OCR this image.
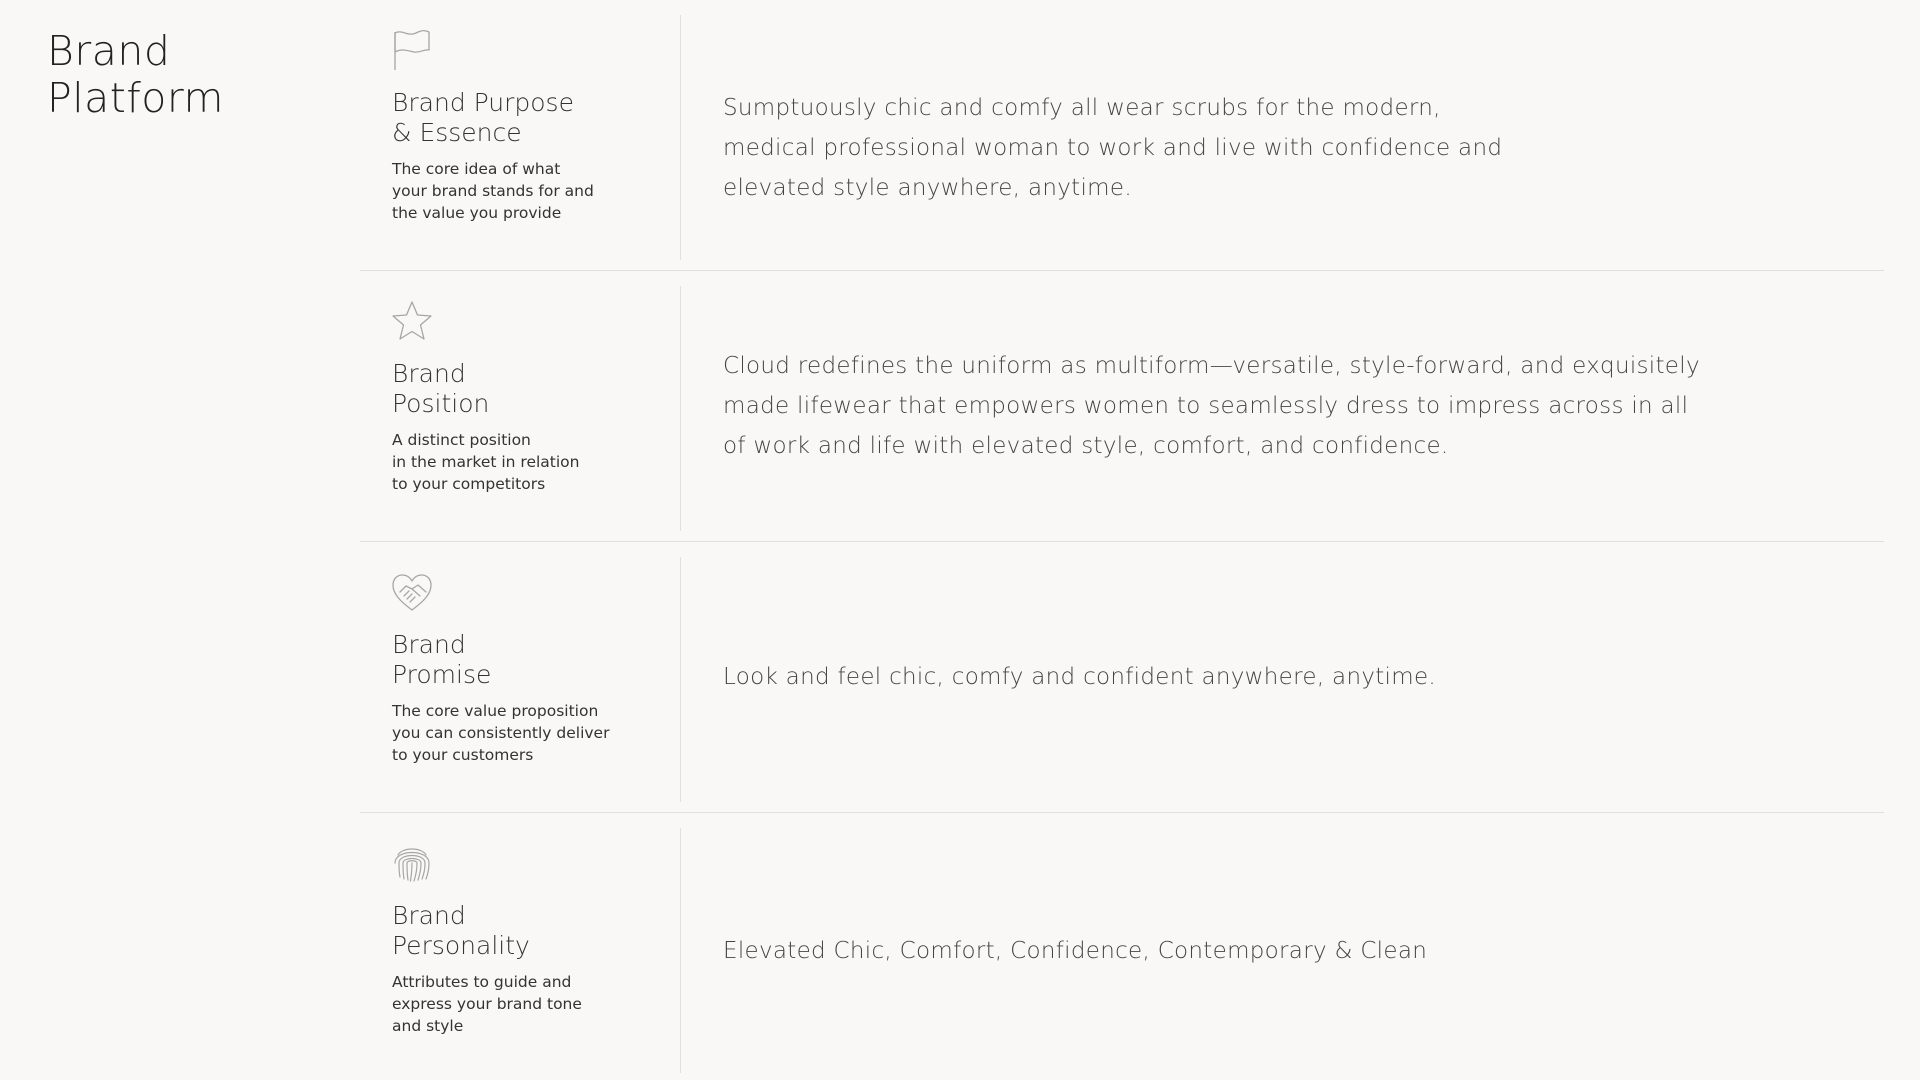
Brand
Platform	Brand Purpose
& Essence
The core idea of what
your brand stands for and
the value you provide
Sumptuously chic and comfy all wear scrubs for the modern,
medical professional woman to work and live with confidence and
elevated style anywhere, anytime.
Brand
Position
A distinct position
in the market in relation
to your competitors
Cloud redefines the uniform as multiform—versatile, style-forward, and exquisitely
made lifewear that empowers women to seamlessly dress to impress across in all
of work and life with elevated style, comfort, and confidence.
Brand
Promise
The core value proposition
you can consistently deliver
to your customers
Look and feel chic, comfy and confident anywhere, anytime.
Brand
Personality
Attributes to guide and
express your brand tone
and style
Elevated Chic, Comfort, Confidence, Contemporary & Clean
